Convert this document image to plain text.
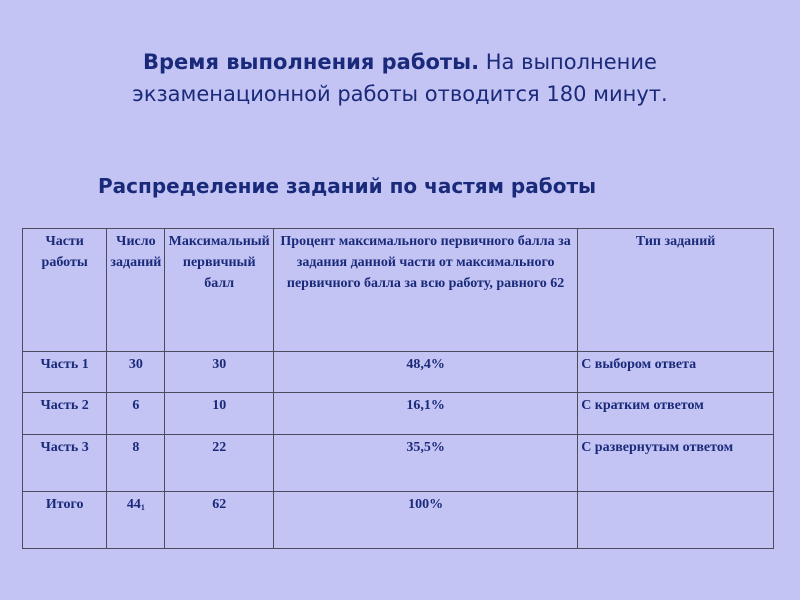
Время выполнения работы. На выполнение экзаменационной работы отводится 180 минут.
Распределение заданий по частям работы
Части работы	Число заданий	Максимальный первичный балл	Процент максимального первичного балла за задания данной части от максимального первичного балла за всю работу, равного 62	Тип заданий
Часть 1	30	30	48,4%	С выбором ответа
Часть 2	6	10	16,1%	С кратким ответом
Часть 3	8	22	35,5%	С развернутым ответом
Итого	$44_1$	62	100%	
